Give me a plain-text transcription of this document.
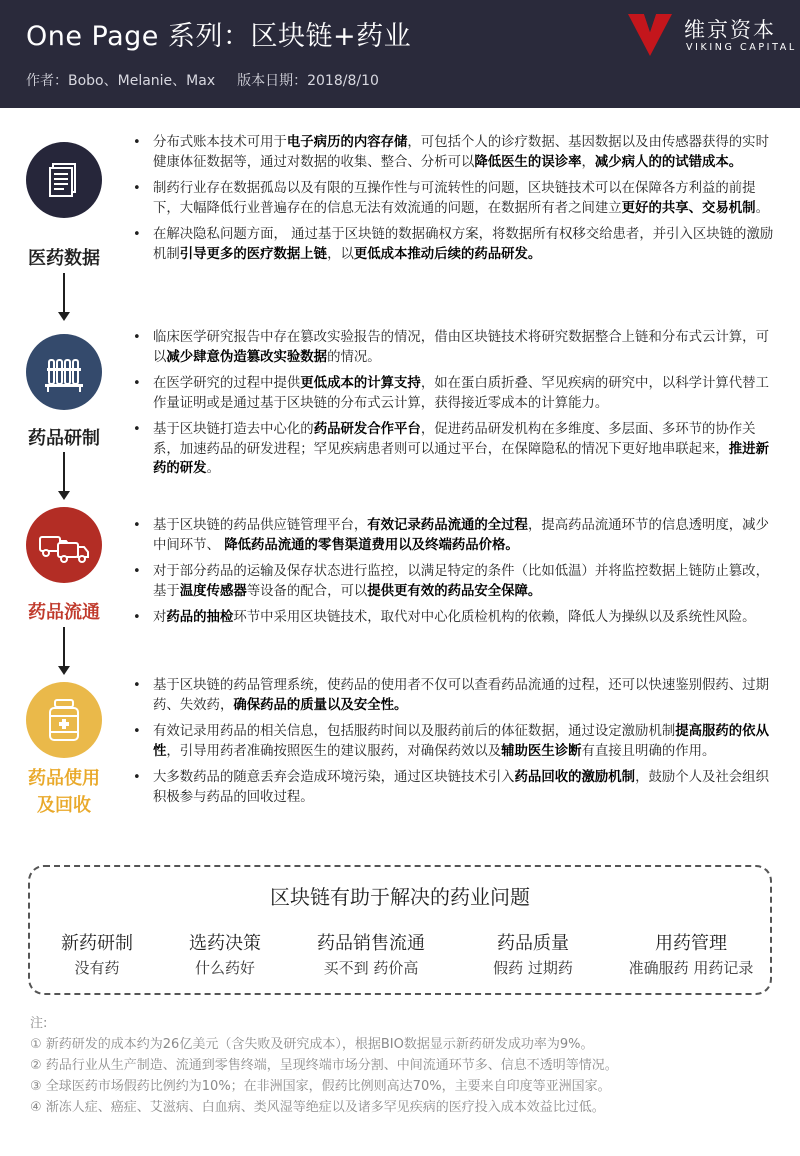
One Page 系列：区块链+药业
作者：Bobo、Melanie、Max 版本日期：2018/8/10
维京资本
VIKING CAPITAL
医药数据
• 分布式账本技术可用于电子病历的内容存储，可包括个人的诊疗数据、基因数据以及由传感器获得的实时健康体征数据等，通过对数据的收集、整合、分析可以降低医生的误诊率，减少病人的的试错成本。
• 制药行业存在数据孤岛以及有限的互操作性与可流转性的问题，区块链技术可以在保障各方利益的前提下，大幅降低行业普遍存在的信息无法有效流通的问题，在数据所有者之间建立更好的共享、交易机制。
• 在解决隐私问题方面， 通过基于区块链的数据确权方案，将数据所有权移交给患者，并引入区块链的激励机制引导更多的医疗数据上链，以更低成本推动后续的药品研发。
药品研制
• 临床医学研究报告中存在篡改实验报告的情况，借由区块链技术将研究数据整合上链和分布式云计算，可以减少肆意伪造篡改实验数据的情况。
• 在医学研究的过程中提供更低成本的计算支持，如在蛋白质折叠、罕见疾病的研究中，以科学计算代替工作量证明或是通过基于区块链的分布式云计算，获得接近零成本的计算能力。
• 基于区块链打造去中心化的药品研发合作平台，促进药品研发机构在多维度、多层面、多环节的协作关系，加速药品的研发进程；罕见疾病患者则可以通过平台，在保障隐私的情况下更好地串联起来，推进新药的研发。
药品流通
• 基于区块链的药品供应链管理平台，有效记录药品流通的全过程，提高药品流通环节的信息透明度，减少中间环节、 降低药品流通的零售渠道费用以及终端药品价格。
• 对于部分药品的运输及保存状态进行监控，以满足特定的条件（比如低温）并将监控数据上链防止篡改，基于温度传感器等设备的配合，可以提供更有效的药品安全保障。
• 对药品的抽检环节中采用区块链技术，取代对中心化质检机构的依赖，降低人为操纵以及系统性风险。
药品使用
及回收
• 基于区块链的药品管理系统，使药品的使用者不仅可以查看药品流通的过程，还可以快速鉴别假药、过期药、失效药，确保药品的质量以及安全性。
• 有效记录用药品的相关信息，包括服药时间以及服药前后的体征数据，通过设定激励机制提高服药的依从性，引导用药者准确按照医生的建议服药，对确保药效以及辅助医生诊断有直接且明确的作用。
• 大多数药品的随意丢弃会造成环境污染，通过区块链技术引入药品回收的激励机制，鼓励个人及社会组织积极参与药品的回收过程。
区块链有助于解决的药业问题
新药研制
没有药
选药决策
什么药好
药品销售流通
买不到 药价高
药品质量
假药 过期药
用药管理
准确服药 用药记录
注:
① 新药研发的成本约为26亿美元（含失败及研究成本），根据BIO数据显示新药研发成功率为9%。
② 药品行业从生产制造、流通到零售终端，呈现终端市场分割、中间流通环节多、信息不透明等情况。
③ 全球医药市场假药比例约为10%；在非洲国家，假药比例则高达70%，主要来自印度等亚洲国家。
④ 渐冻人症、癌症、艾滋病、白血病、类风湿等绝症以及诸多罕见疾病的医疗投入成本效益比过低。
